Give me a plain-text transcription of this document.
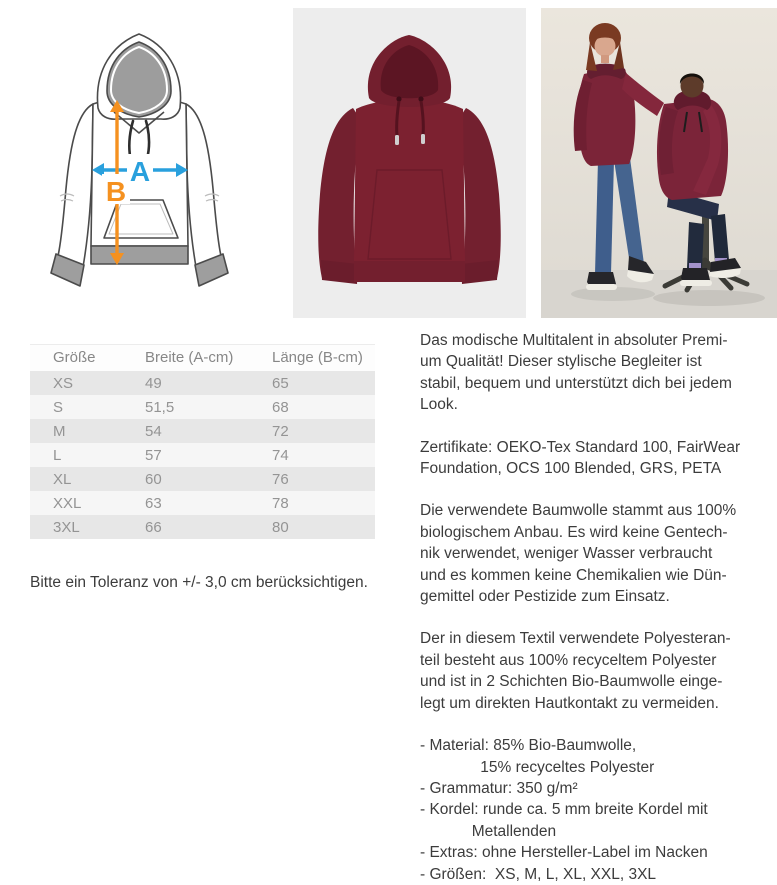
A
B
Größe	Breite (A-cm)	Länge (B-cm)
XS	49	65
S	51,5	68
M	54	72
L	57	74
XL	60	76
XXL	63	78
3XL	66	80
Bitte ein Toleranz von +/- 3,0 cm berücksichtigen.

Das modische Multitalent in absoluter Premi-
um Qualität! Dieser stylische Begleiter ist
stabil, bequem und unterstützt dich bei jedem
Look.

Zertifikate: OEKO-Tex Standard 100, FairWear
Foundation, OCS 100 Blended, GRS, PETA

Die verwendete Baumwolle stammt aus 100%
biologischem Anbau. Es wird keine Gentech-
nik verwendet, weniger Wasser verbraucht
und es kommen keine Chemikalien wie Dün-
gemittel oder Pestizide zum Einsatz.

Der in diesem Textil verwendete Polyesteran-
teil besteht aus 100% recyceltem Polyester
und ist in 2 Schichten Bio-Baumwolle einge-
legt um direkten Hautkontakt zu vermeiden.

- Material: 85% Bio-Baumwolle,
15% recyceltes Polyester
- Grammatur: 350 g/m²
- Kordel: runde ca. 5 mm breite Kordel mit
Metallenden
- Extras: ohne Hersteller-Label im Nacken
- Größen:  XS, M, L, XL, XXL, 3XL
